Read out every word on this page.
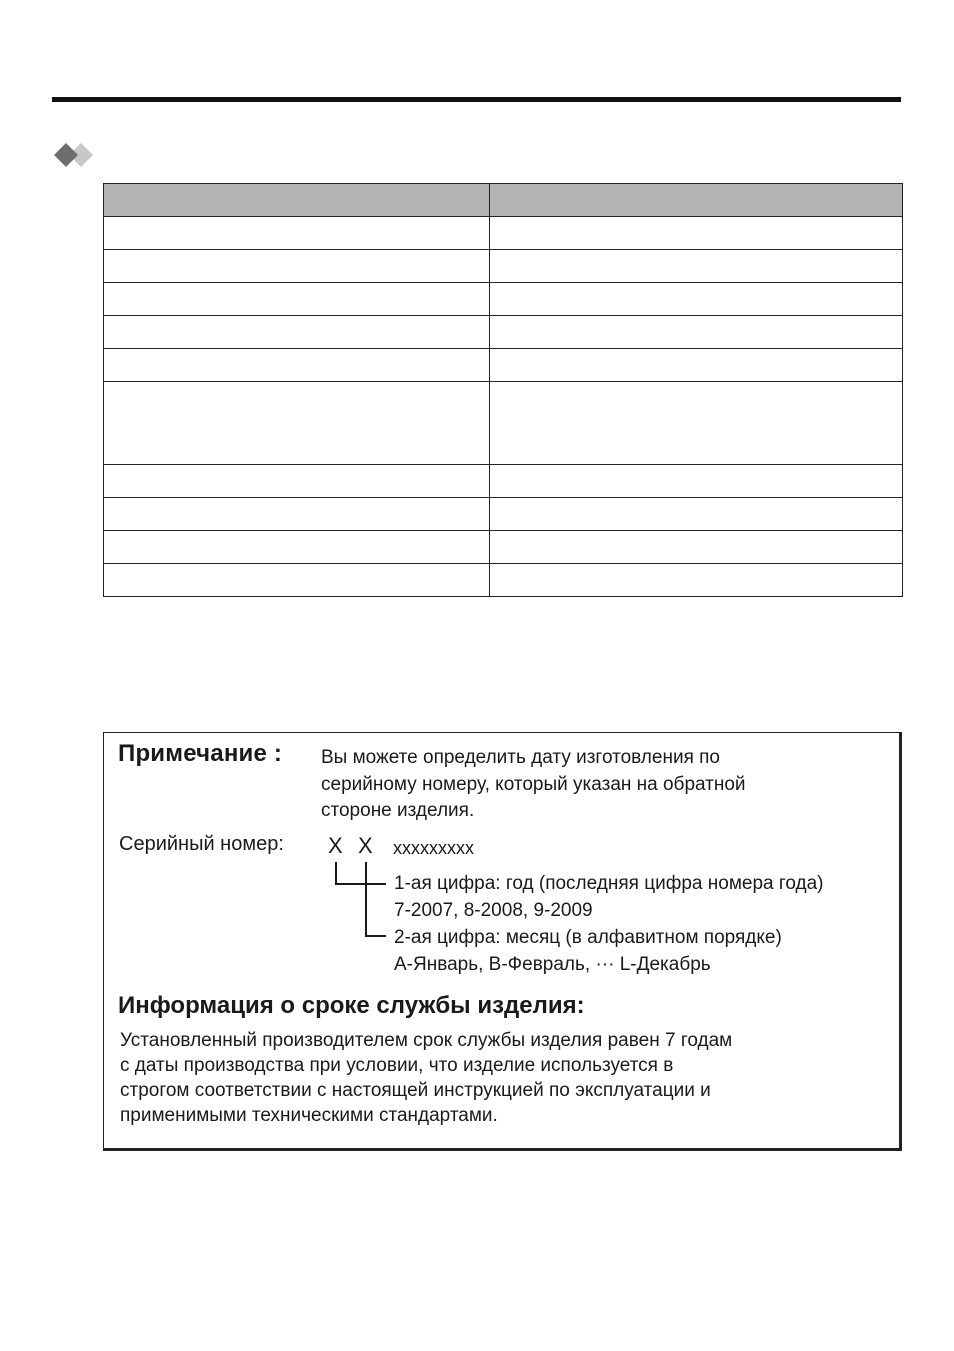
Примечание : Вы можете определить дату изготовления по
серийному номеру, который указан на обратной
стороне изделия.
Серийный номер: X X xxxxxxxxx
1-ая цифра: год (последняя цифра номера года)
7-2007, 8-2008, 9-2009
2-ая цифра: месяц (в алфавитном порядке)
A-Январь, B-Февраль, ··· L-Декабрь
Информация о сроке службы изделия:
Установленный производителем срок службы изделия равен 7 годам
с даты производства при условии, что изделие используется в
строгом соответствии с настоящей инструкцией по эксплуатации и
применимыми техническими стандартами.
